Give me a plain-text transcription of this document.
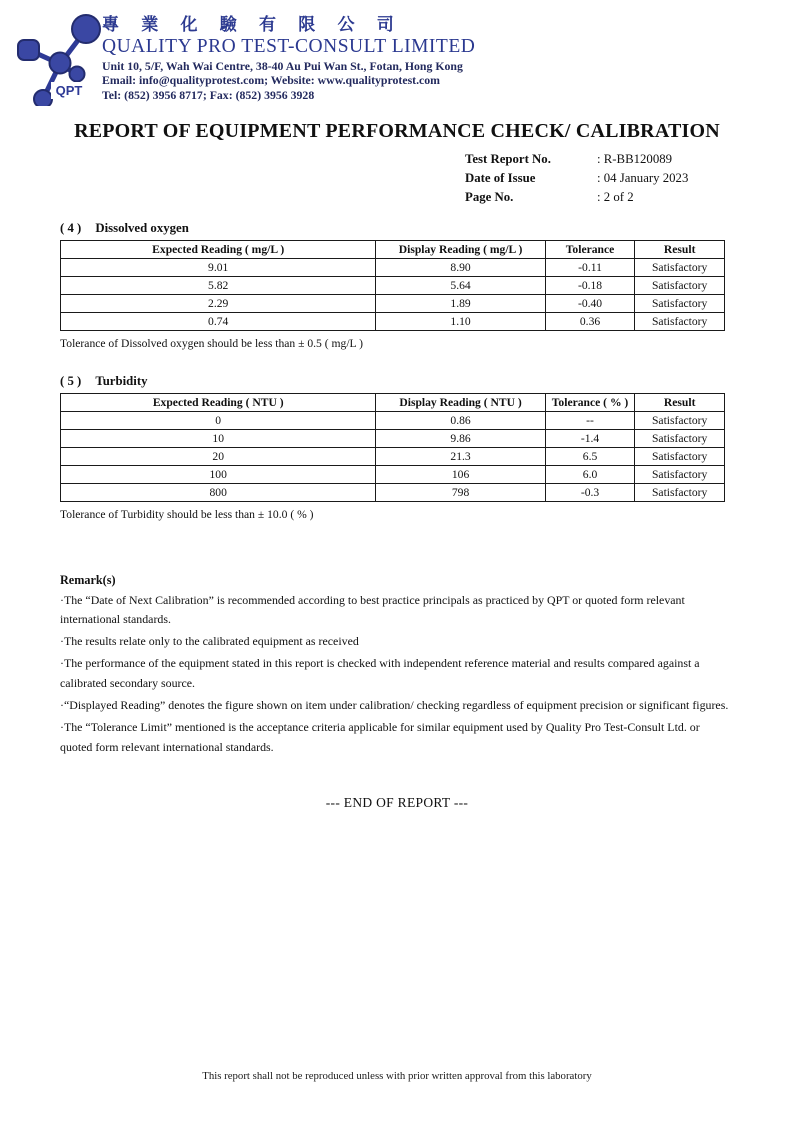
QPT
專 業 化 驗 有 限 公 司
QUALITY PRO TEST-CONSULT LIMITED
Unit 10, 5/F, Wah Wai Centre, 38-40 Au Pui Wan St., Fotan, Hong Kong
Email: info@qualityprotest.com; Website: www.qualityprotest.com
Tel: (852) 3956 8717; Fax: (852) 3956 3928
REPORT OF EQUIPMENT PERFORMANCE CHECK/ CALIBRATION
Test Report No.	: R-BB120089
Date of Issue	: 04 January 2023
Page No.	: 2 of 2
( 4 ) Dissolved oxygen
Expected Reading ( mg/L )	Display Reading ( mg/L )	Tolerance	Result
9.01	8.90	-0.11	Satisfactory
5.82	5.64	-0.18	Satisfactory
2.29	1.89	-0.40	Satisfactory
0.74	1.10	0.36	Satisfactory
Tolerance of Dissolved oxygen should be less than ± 0.5 ( mg/L )
( 5 ) Turbidity
Expected Reading ( NTU )	Display Reading ( NTU )	Tolerance ( % )	Result
0	0.86	--	Satisfactory
10	9.86	-1.4	Satisfactory
20	21.3	6.5	Satisfactory
100	106	6.0	Satisfactory
800	798	-0.3	Satisfactory
Tolerance of Turbidity should be less than ± 10.0 ( % )
Remark(s)
·The “Date of Next Calibration” is recommended according to best practice principals as practiced by QPT or quoted form relevant international standards.
·The results relate only to the calibrated equipment as received
·The performance of the equipment stated in this report is checked with independent reference material and results compared against a calibrated secondary source.
·“Displayed Reading” denotes the figure shown on item under calibration/ checking regardless of equipment precision or significant figures.
·The “Tolerance Limit” mentioned is the acceptance criteria applicable for similar equipment used by Quality Pro Test-Consult Ltd. or quoted form relevant international standards.
--- END OF REPORT ---
This report shall not be reproduced unless with prior written approval from this laboratory
